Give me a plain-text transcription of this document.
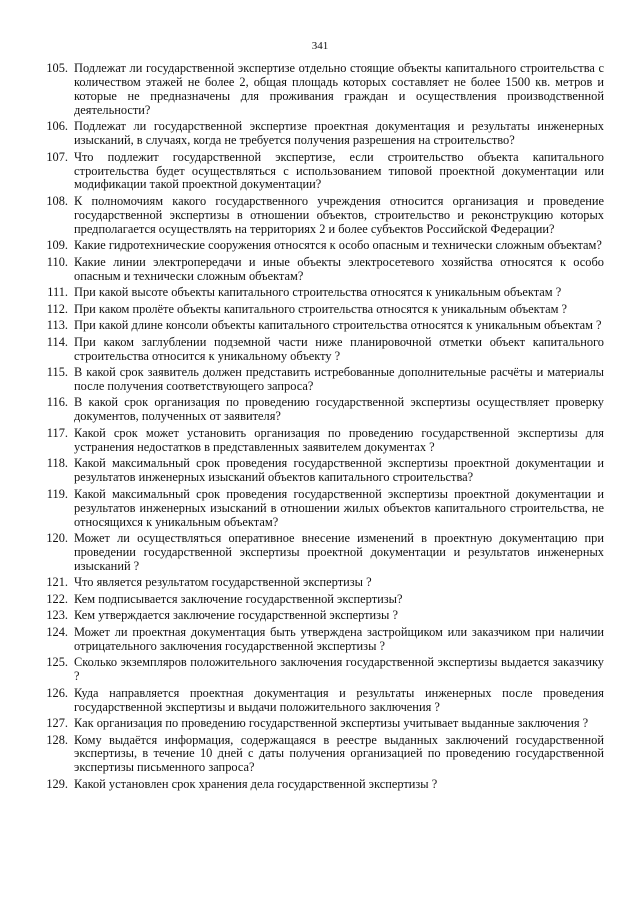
341
105. Подлежат ли государственной экспертизе отдельно стоящие объекты капитального строительства с количеством этажей не более 2, общая площадь которых составляет не более 1500 кв. метров и которые не предназначены для проживания граждан и осуществления производственной деятельности?
106. Подлежат ли государственной экспертизе проектная документация и результаты инженерных изысканий, в случаях, когда не требуется получения разрешения на строительство?
107. Что подлежит государственной экспертизе, если строительство объекта капитального строительства будет осуществляться с использованием типовой проектной документации или модификации такой проектной документации?
108. К полномочиям какого государственного учреждения относится организация и проведение государственной экспертизы в отношении объектов, строительство и реконструкцию которых предполагается осуществлять на территориях 2 и более субъектов Российской Федерации?
109. Какие гидротехнические сооружения относятся к особо опасным и технически сложным объектам?
110. Какие линии электропередачи и иные объекты электросетевого хозяйства относятся к особо опасным и технически сложным объектам?
111. При какой высоте объекты капитального строительства относятся к уникальным объектам ?
112. При каком пролёте объекты капитального строительства относятся к уникальным объектам ?
113. При какой длине консоли объекты капитального строительства относятся к уникальным объектам ?
114. При каком заглублении подземной части ниже планировочной отметки объект капитального строительства относится к уникальному объекту ?
115. В какой срок заявитель должен представить истребованные дополнительные расчёты и материалы после получения соответствующего запроса?
116. В какой срок организация по проведению государственной экспертизы осуществляет проверку документов, полученных от заявителя?
117. Какой срок может установить организация по проведению государственной экспертизы для устранения недостатков в представленных заявителем документах ?
118. Какой максимальный срок проведения государственной экспертизы проектной документации и результатов инженерных изысканий объектов капитального строительства?
119. Какой максимальный срок проведения государственной экспертизы проектной документации и результатов инженерных изысканий в отношении жилых объектов капитального строительства, не относящихся к уникальным объектам?
120. Может ли осуществляться оперативное внесение изменений в проектную документацию при проведении государственной экспертизы проектной документации и результатов инженерных изысканий ?
121. Что является результатом государственной экспертизы ?
122. Кем подписывается заключение государственной экспертизы?
123. Кем утверждается заключение государственной экспертизы ?
124. Может ли проектная документация быть утверждена застройщиком или заказчиком при наличии отрицательного заключения государственной экспертизы ?
125. Сколько экземпляров положительного заключения государственной экспертизы выдается заказчику ?
126. Куда направляется проектная документация и результаты инженерных после проведения государственной экспертизы и выдачи положительного заключения ?
127. Как организация по проведению государственной экспертизы учитывает выданные заключения ?
128. Кому выдаётся информация, содержащаяся в реестре выданных заключений государственной экспертизы, в течение 10 дней с даты получения организацией по проведению государственной экспертизы письменного запроса?
129. Какой установлен срок хранения дела государственной экспертизы ?
